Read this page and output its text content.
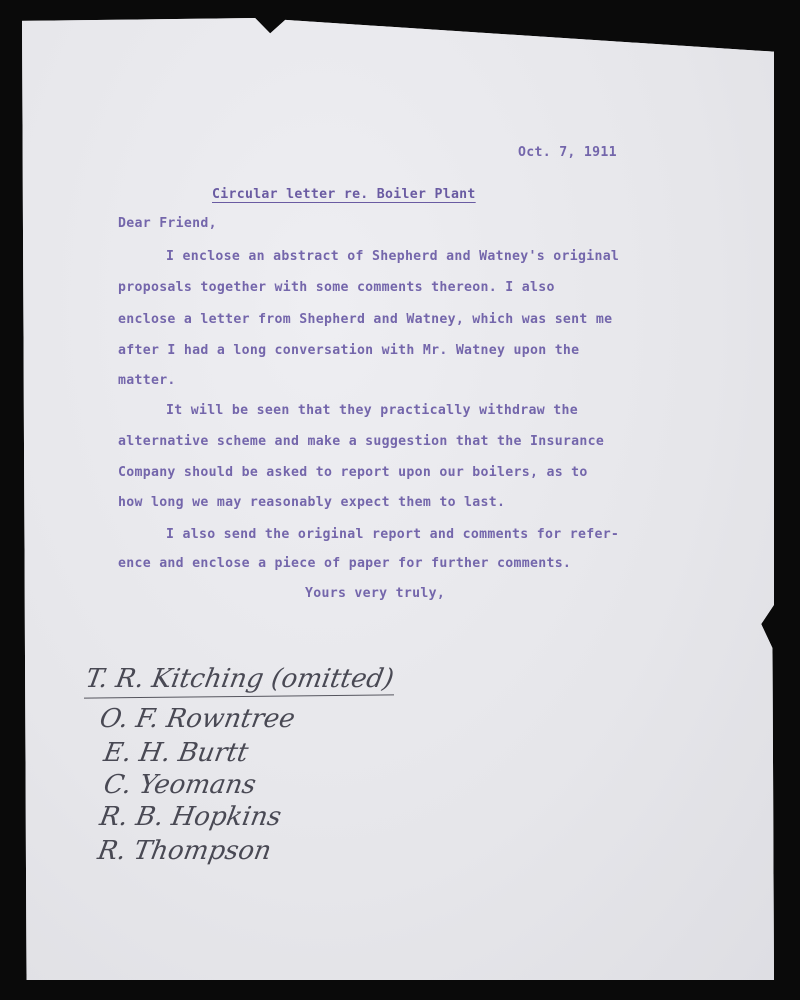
Oct. 7, 1911
Circular letter re. Boiler Plant
Dear Friend,
I enclose an abstract of Shepherd and Watney's original
proposals together with some comments thereon. I also
enclose a letter from Shepherd and Watney, which was sent me
after I had a long conversation with Mr. Watney upon the
matter.
It will be seen that they practically withdraw the
alternative scheme and make a suggestion that the Insurance
Company should be asked to report upon our boilers, as to
how long we may reasonably expect them to last.
I also send the original report and comments for refer-
ence and enclose a piece of paper for further comments.
Yours very truly,
T. R. Kitching (omitted)
O. F. Rowntree
E. H. Burtt
C. Yeomans
R. B. Hopkins
R. Thompson
